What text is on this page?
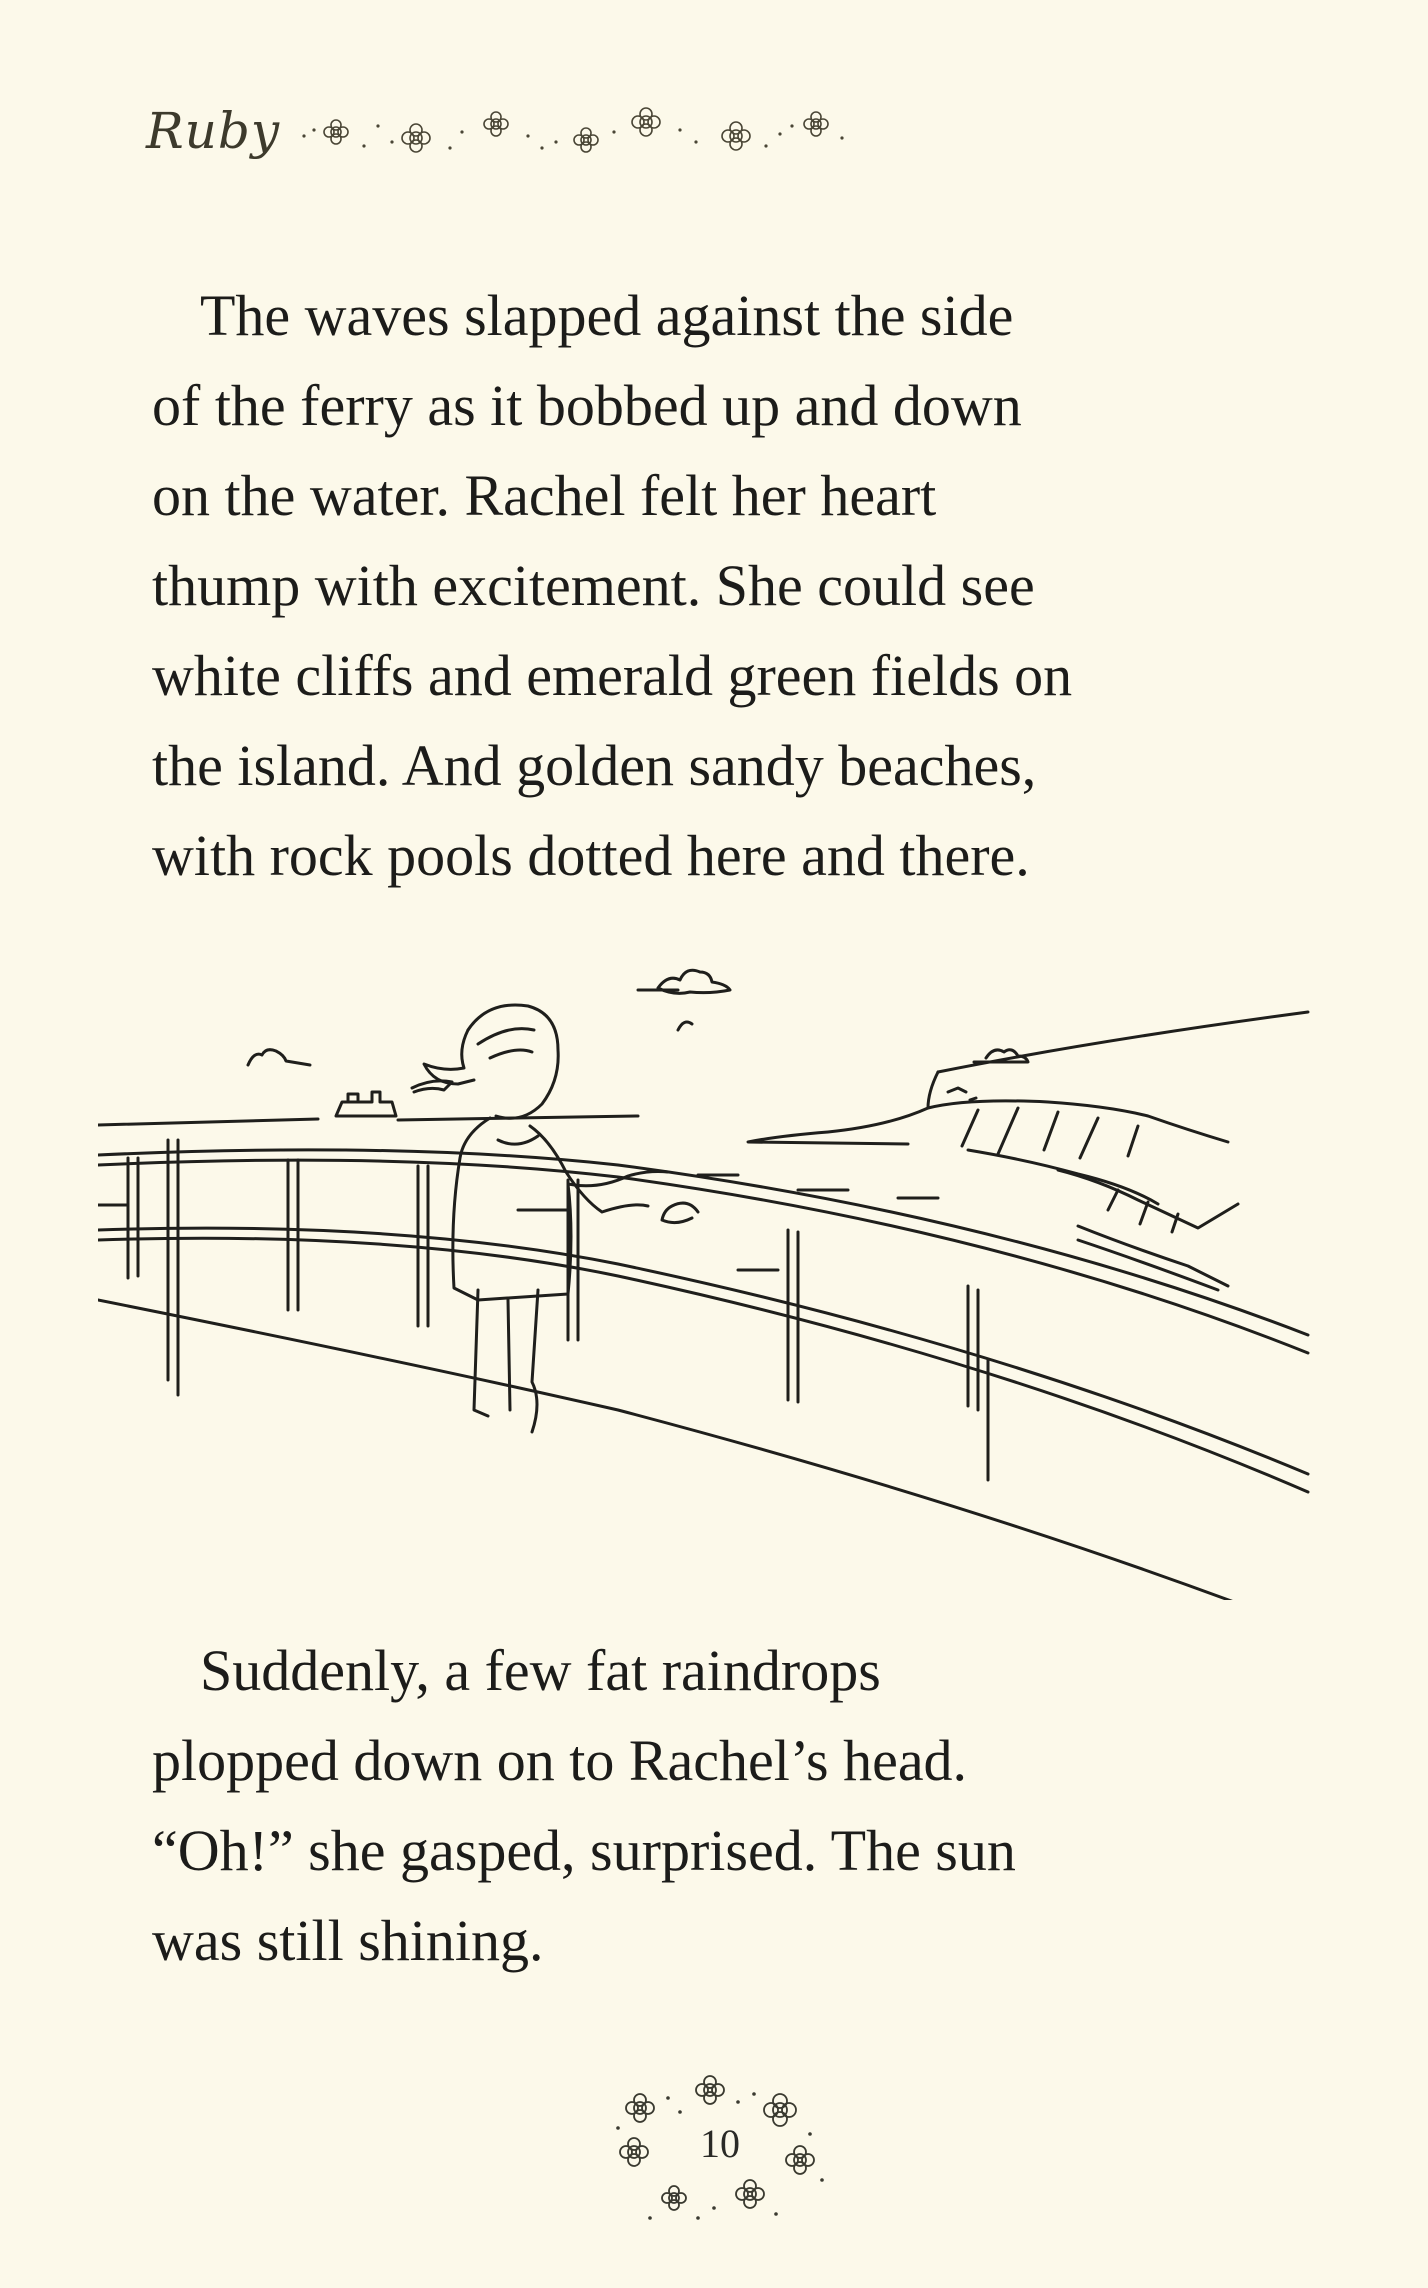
Ruby

The waves slapped against the side
of the ferry as it bobbed up and down
on the water. Rachel felt her heart
thump with excitement. She could see
white cliffs and emerald green fields on
the island. And golden sandy beaches,
with rock pools dotted here and there.

Suddenly, a few fat raindrops
plopped down on to Rachel’s head.
“Oh!” she gasped, surprised. The sun
was still shining.

10
